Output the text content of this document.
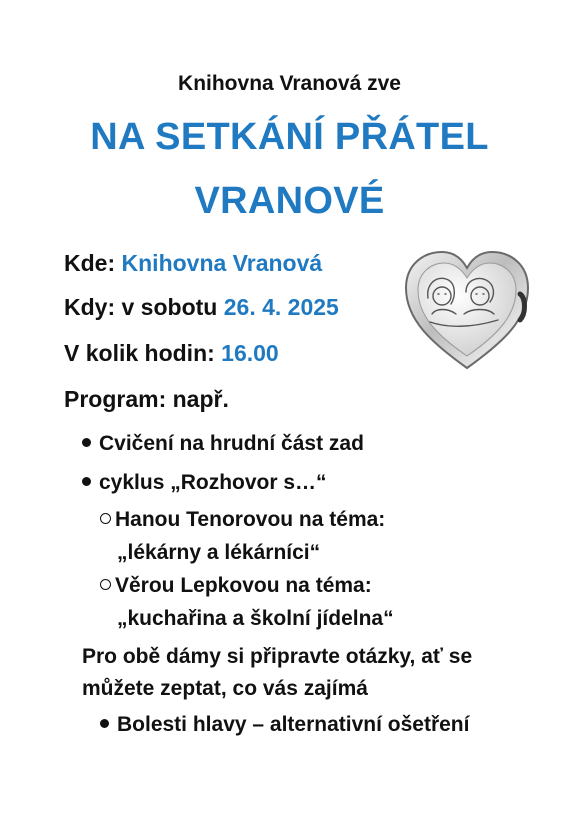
Knihovna Vranová zve
NA SETKÁNÍ PŘÁTEL
VRANOVÉ
Kde: Knihovna Vranová
Kdy: v sobotu 26. 4. 2025
V kolik hodin: 16.00
Program: např.
Cvičení na hrudní část zad
cyklus „Rozhovor s…“
Hanou Tenorovou na téma:
„lékárny a lékárníci“
Věrou Lepkovou na téma:
„kuchařina a školní jídelna“
Pro obě dámy si připravte otázky, ať se
můžete zeptat, co vás zajímá
Bolesti hlavy – alternativní ošetření
